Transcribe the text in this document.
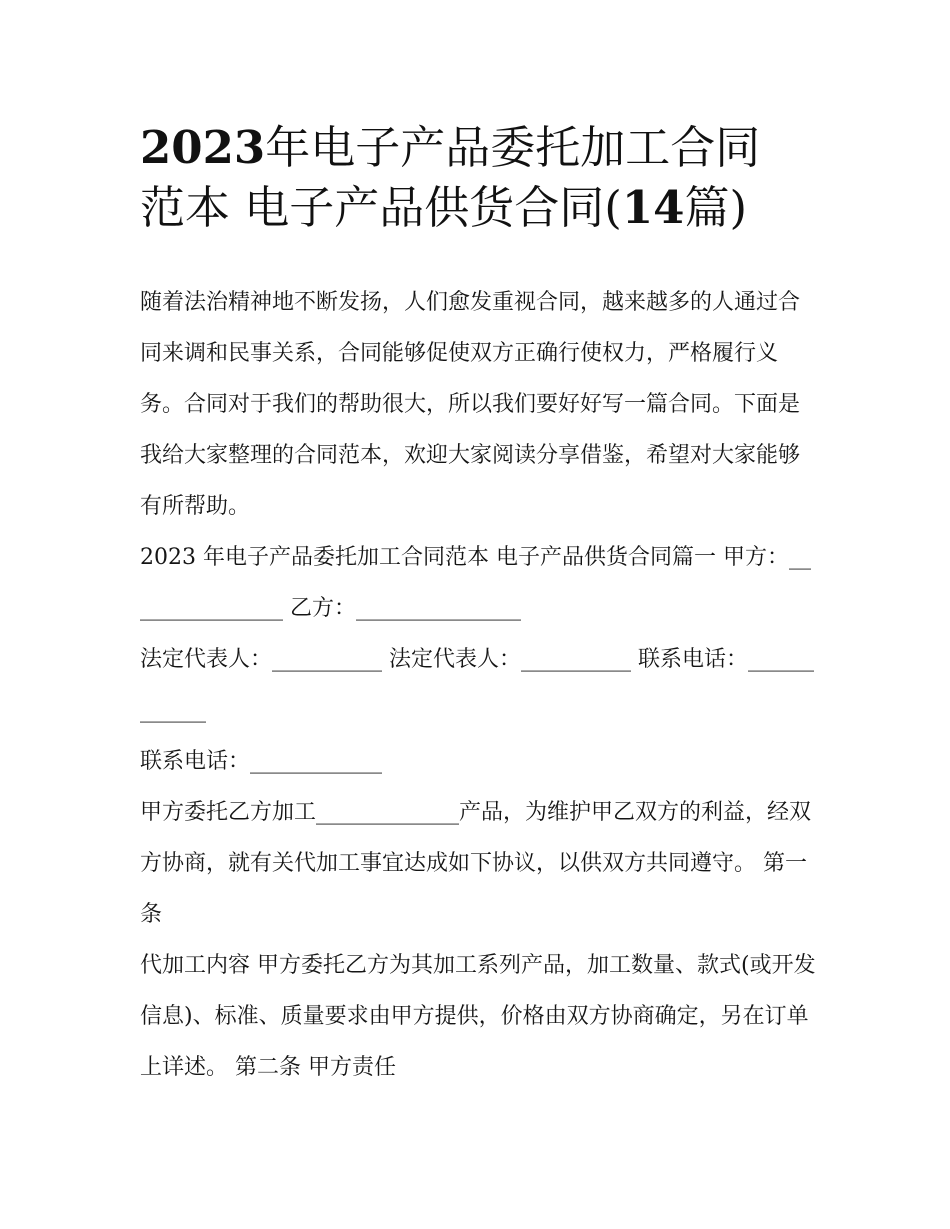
2023年电子产品委托加工合同
范本 电子产品供货合同(14篇)

随着法治精神地不断发扬，人们愈发重视合同，越来越多的人通过合同来调和民事关系，合同能够促使双方正确行使权力，严格履行义务。合同对于我们的帮助很大，所以我们要好好写一篇合同。下面是我给大家整理的合同范本，欢迎大家阅读分享借鉴，希望对大家能够有所帮助。

2023 年电子产品委托加工合同范本 电子产品供货合同篇一 甲方：_______________ 乙方：_______________

法定代表人：__________ 法定代表人：__________ 联系电话：____________

联系电话：____________

甲方委托乙方加工_____________产品，为维护甲乙双方的利益，经双方协商，就有关代加工事宜达成如下协议，以供双方共同遵守。 第一条

代加工内容 甲方委托乙方为其加工系列产品，加工数量、款式(或开发信息)、标准、质量要求由甲方提供，价格由双方协商确定，另在订单上详述。 第二条 甲方责任
